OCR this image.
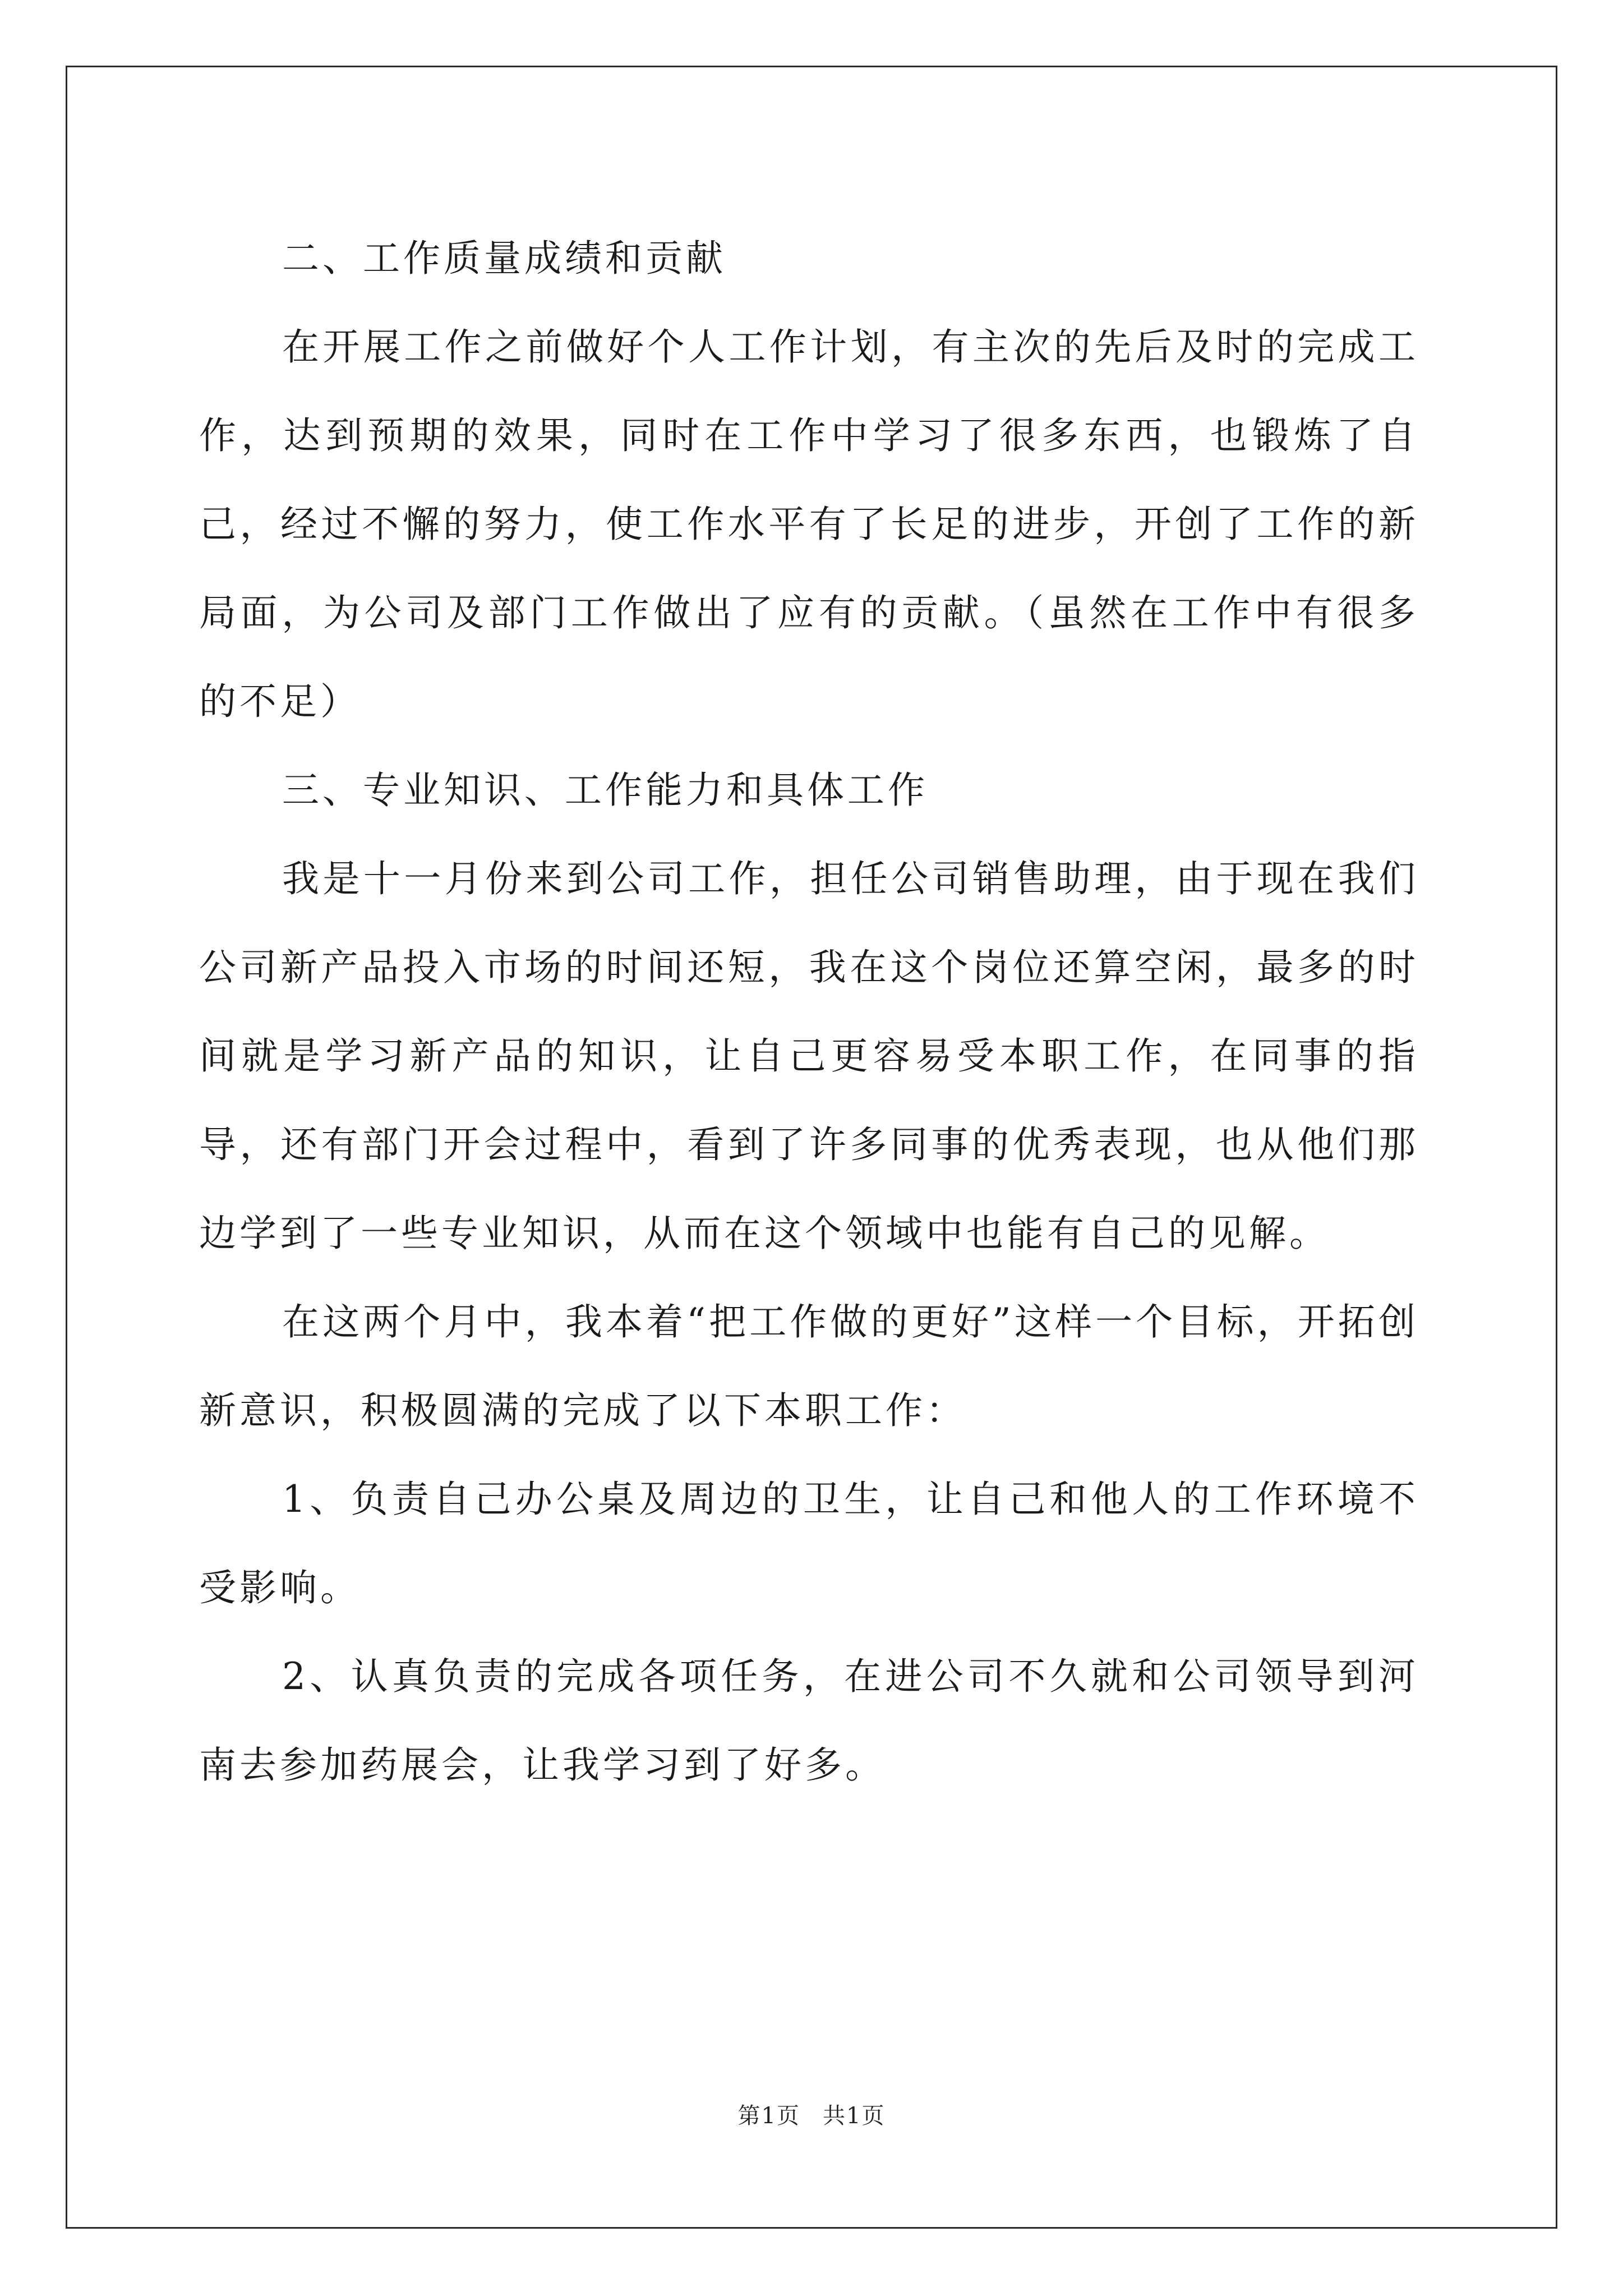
二、工作质量成绩和贡献

在开展工作之前做好个人工作计划，有主次的先后及时的完成工作，达到预期的效果，同时在工作中学习了很多东西，也锻炼了自己，经过不懈的努力，使工作水平有了长足的进步，开创了工作的新局面，为公司及部门工作做出了应有的贡献。（虽然在工作中有很多的不足）

三、专业知识、工作能力和具体工作

我是十一月份来到公司工作，担任公司销售助理，由于现在我们公司新产品投入市场的时间还短，我在这个岗位还算空闲，最多的时间就是学习新产品的知识，让自己更容易受本职工作，在同事的指导，还有部门开会过程中，看到了许多同事的优秀表现，也从他们那边学到了一些专业知识，从而在这个领域中也能有自己的见解。

在这两个月中，我本着“把工作做的更好”这样一个目标，开拓创新意识，积极圆满的完成了以下本职工作：

1、负责自己办公桌及周边的卫生，让自己和他人的工作环境不受影响。

2、认真负责的完成各项任务，在进公司不久就和公司领导到河南去参加药展会，让我学习到了好多。

第1页 共1页
